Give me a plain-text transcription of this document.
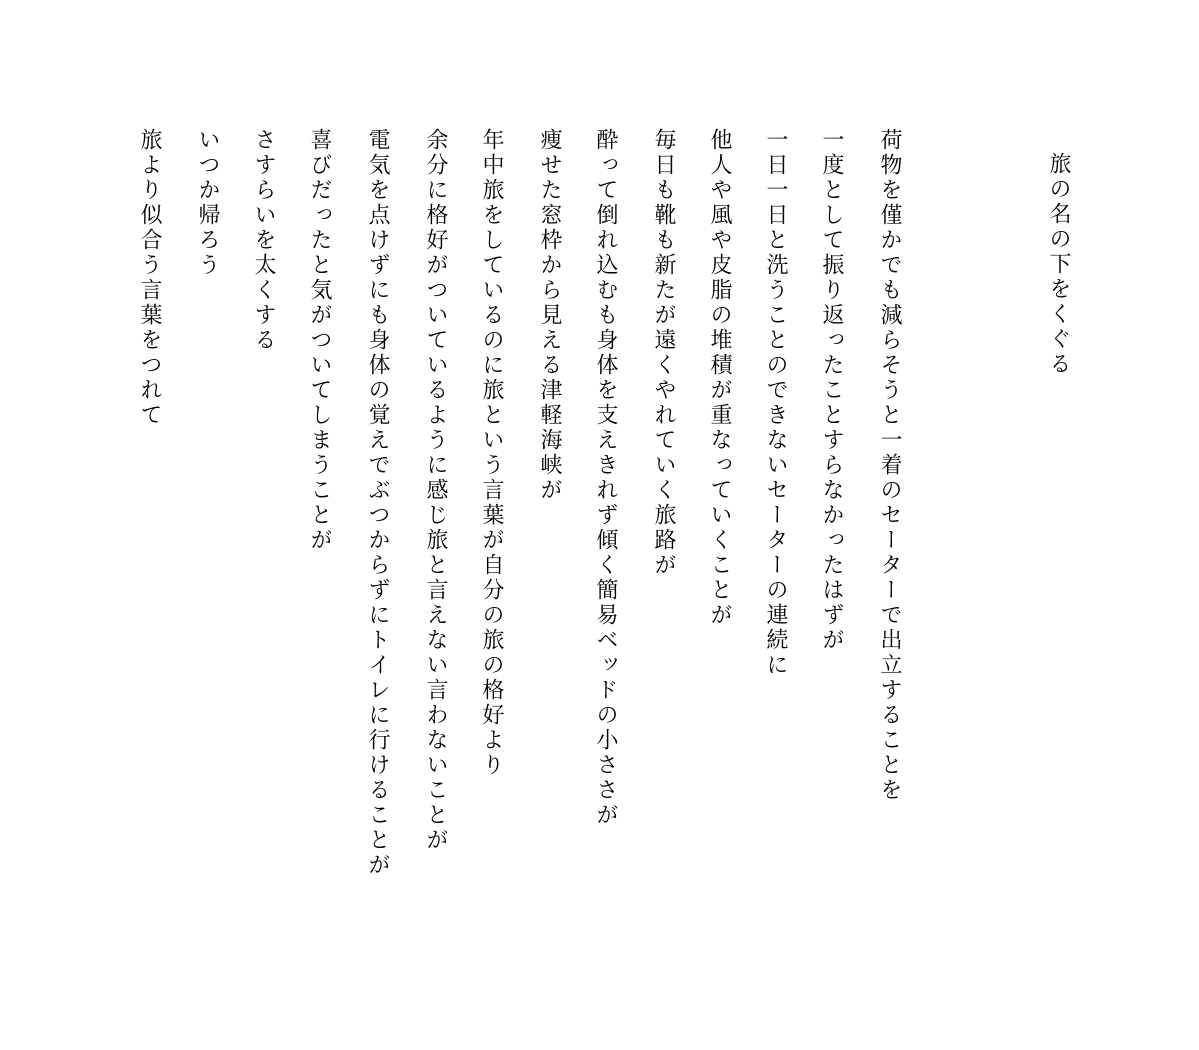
旅の名の下をくぐる
荷物を僅かでも減らそうと一着のセーターで出立することを
一度として振り返ったことすらなかったはずが
一日一日と洗うことのできないセーターの連続に
他人や風や皮脂の堆積が重なっていくことが
毎日も靴も新たが遠くやれていく旅路が
酔って倒れ込むも身体を支えきれず傾く簡易ベッドの小ささが
痩せた窓枠から見える津軽海峡が
年中旅をしているのに旅という言葉が自分の旅の格好より
余分に格好がついているように感じ旅と言えない言わないことが
電気を点けずにも身体の覚えでぶつからずにトイレに行けることが
喜びだったと気がついてしまうことが
さすらいを太くする
いつか帰ろう
旅より似合う言葉をつれて
